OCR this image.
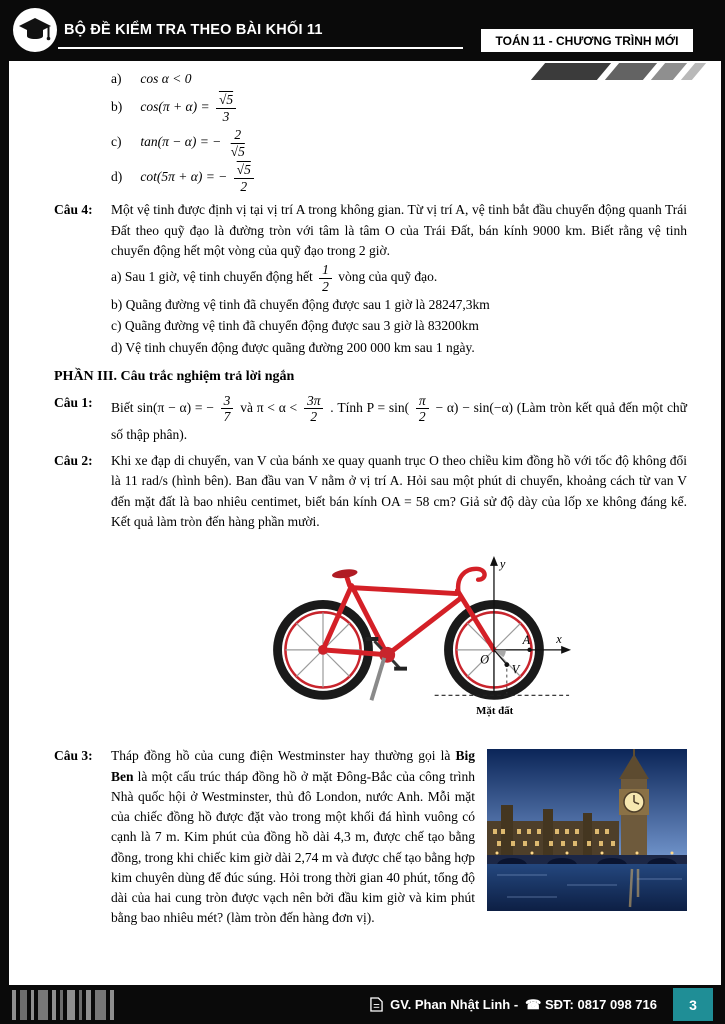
BỘ ĐỀ KIỂM TRA THEO BÀI KHỐI 11
TOÁN 11 - CHƯƠNG TRÌNH MỚI
a) cos α < 0
b) $\cos(\pi + \alpha) = \frac{√5}{3}$
c) tan(π − α) = − $\frac{2}{√5}$
d) cot(5π + α) = − $\frac{√5}{2}$
Câu 4:	Một vệ tinh được định vị tại vị trí A trong không gian. Từ vị trí A, vệ tinh bắt đầu chuyển động quanh Trái Đất theo quỹ đạo là đường tròn với tâm là tâm O của Trái Đất, bán kính 9000 km. Biết rằng vệ tinh chuyển động hết một vòng của quỹ đạo trong 2 giờ.

a) Sau 1 giờ, vệ tinh chuyển động hết $\frac{1}{2}$ vòng của quỹ đạo.
b) Quãng đường vệ tinh đã chuyển động được sau 1 giờ là 28247,3km
c) Quãng đường vệ tinh đã chuyển động được sau 3 giờ là 83200km
d) Vệ tinh chuyển động được quãng đường 200 000 km sau 1 ngày.
PHẦN III. Câu trắc nghiệm trả lời ngắn
Câu 1:	Biết sin(π − α) = − $\frac{3}{7}$ và $\pi < \alpha < \frac{3\pi}{2}$ . Tính $P = \sin( \frac{\pi}{2} - \alpha) - \sin(-\alpha)$ (Làm tròn kết quả đến một chữ số thập phân).
Câu 2:	Khi xe đạp di chuyển, van V của bánh xe quay quanh trục O theo chiều kim đồng hồ với tốc độ không đổi là 11 rad/s (hình bên). Ban đầu van V nằm ở vị trí A. Hỏi sau một phút di chuyển, khoảng cách từ van V đến mặt đất là bao nhiêu centimet, biết bán kính OA = 58 cm? Giả sử độ dày của lốp xe không đáng kể. Kết quả làm tròn đến hàng phần mười.
y
x
A
O
V
Mặt đất
Câu 3:	Tháp đồng hồ của cung điện Westminster hay thường gọi là Big Ben là một cấu trúc tháp đồng hồ ở mặt Đông-Bắc của công trình Nhà quốc hội ở Westminster, thủ đô London, nước Anh. Mỗi mặt của chiếc đồng hồ được đặt vào trong một khối đá hình vuông có cạnh là 7 m. Kim phút của đồng hồ dài 4,3 m, được chế tạo bằng đồng, trong khi chiếc kim giờ dài 2,74 m và được chế tạo bằng hợp kim chuyên dùng để đúc súng. Hỏi trong thời gian 40 phút, tổng độ dài của hai cung tròn được vạch nên bởi đầu kim giờ và kim phút bằng bao nhiêu mét? (làm tròn đến hàng đơn vị).
GV. Phan Nhật Linh - ☎ SĐT: 0817 098 716	3
